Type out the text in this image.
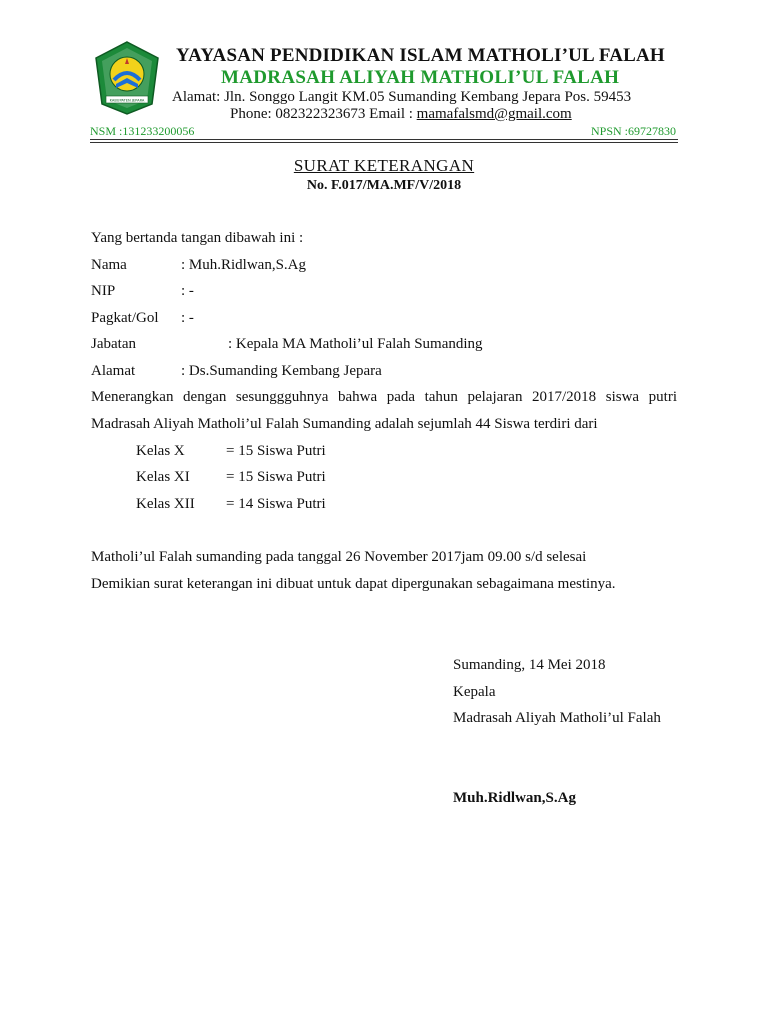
KABUPATEN JEPARA
YAYASAN PENDIDIKAN ISLAM MATHOLI’UL FALAH
MADRASAH ALIYAH MATHOLI’UL FALAH
Alamat: Jln. Songgo Langit KM.05 Sumanding Kembang Jepara Pos. 59453
Phone: 082322323673 Email : mamafalsmd@gmail.com
NSM :131233200056	NPSN :69727830
SURAT KETERANGAN
No. F.017/MA.MF/V/2018
Yang bertanda tangan dibawah ini :
Nama	: Muh.Ridlwan,S.Ag
NIP	: -
Pagkat/Gol : -
Jabatan	: Kepala MA Matholi’ul Falah Sumanding
Alamat	: Ds.Sumanding Kembang Jepara
Menerangkan dengan sesunggguhnya bahwa pada tahun pelajaran 2017/2018 siswa putri
Madrasah Aliyah Matholi’ul Falah Sumanding adalah sejumlah 44 Siswa terdiri dari
Kelas X	= 15 Siswa Putri
Kelas XI = 15 Siswa Putri
Kelas XII = 14 Siswa Putri
Matholi’ul Falah sumanding pada tanggal 26 November 2017jam 09.00 s/d selesai
Demikian surat keterangan ini dibuat untuk dapat dipergunakan sebagaimana mestinya.
Sumanding, 14 Mei 2018
Kepala
Madrasah Aliyah Matholi’ul Falah
Muh.Ridlwan,S.Ag
